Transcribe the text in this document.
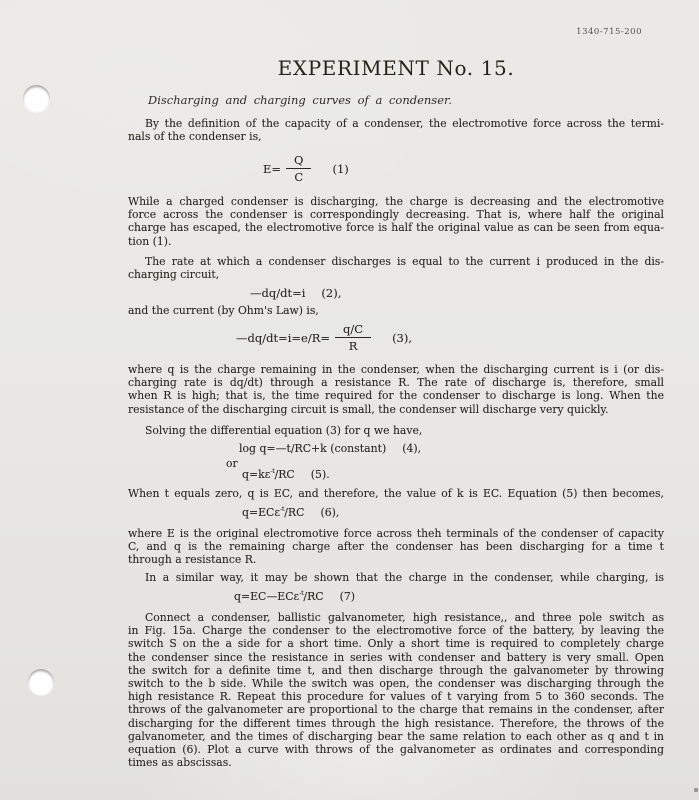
1340-715-200
EXPERIMENT No. 15.
Discharging and charging curves of a condenser.
By the definition of the capacity of a condenser, the electromotive force across the termi-
nals of the condenser is,
$E= \frac{Q}{C} (1)$
While a charged condenser is discharging, the charge is decreasing and the electromotive
force across the condenser is correspondingly decreasing. That is, where half the original
charge has escaped, the electromotive force is half the original value as can be seen from equa-
tion (1).
The rate at which a condenser discharges is equal to the current i produced in the dis-
charging circuit,
—dq/dt=i (2),
and the current (by Ohm's Law) is,
—dq/dt=i=e/R= $\frac{q/C}{R} (3)$,
where q is the charge remaining in the condenser, when the discharging current is i (or dis-
charging rate is dq/dt) through a resistance R. The rate of discharge is, therefore, small
when R is high; that is, the time required for the condenser to discharge is long. When the
resistance of the discharging circuit is small, the condenser will discharge very quickly.
Solving the differential equation (3) for q we have,
log q=—t/RC+k (constant) (4),
or
$q=k\varepsilon^{-t}$ /RC (5).
When t equals zero, q is EC, and therefore, the value of k is EC. Equation (5) then becomes,
q=ECε$^{-t}$ /RC (6),
where E is the original electromotive force across theh terminals of the condenser of capacity
C, and q is the remaining charge after the condenser has been discharging for a time t
through a resistance R.
In a similar way, it may be shown that the charge in the condenser, while charging, is
q=EC—ECε$^{-t}$ /RC (7)
Connect a condenser, ballistic galvanometer, high resistance,, and three pole switch as
in Fig. 15a. Charge the condenser to the electromotive force of the battery, by leaving the
switch S on the a side for a short time. Only a short time is required to completely charge
the condenser since the resistance in series with condenser and battery is very small. Open
the switch for a definite time t, and then discharge through the galvanometer by throwing
switch to the b side. While the switch was open, the condenser was discharging through the
high resistance R. Repeat this procedure for values of t varying from 5 to 360 seconds. The
throws of the galvanometer are proportional to the charge that remains in the condenser, after
discharging for the different times through the high resistance. Therefore, the throws of the
galvanometer, and the times of discharging bear the same relation to each other as q and t in
equation (6). Plot a curve with throws of the galvanometer as ordinates and corresponding
times as abscissas.
